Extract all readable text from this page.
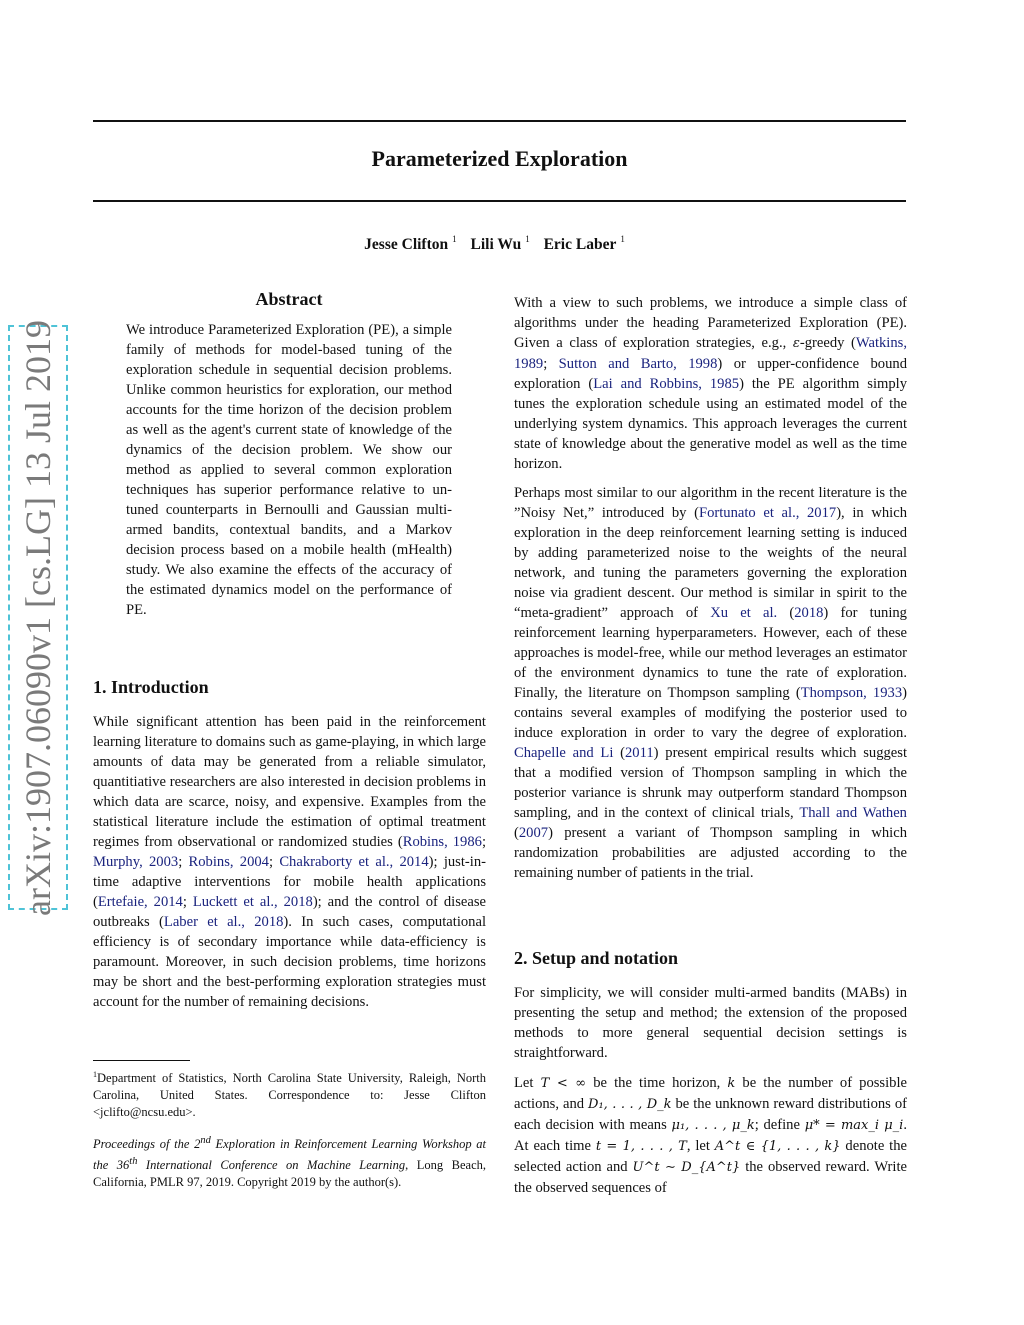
Parameterized Exploration
Jesse Clifton $^1$ Lili Wu $^1$ Eric Laber $^1$
arXiv:1907.06090v1 [cs.LG] 13 Jul 2019
Abstract

We introduce Parameterized Exploration (PE), a simple family of methods for model-based tuning of the exploration schedule in sequential decision problems. Unlike common heuristics for exploration, our method accounts for the time horizon of the decision problem as well as the agent's current state of knowledge of the dynamics of the decision problem. We show our method as applied to several common exploration techniques has superior performance relative to un-tuned counterparts in Bernoulli and Gaussian multi-armed bandits, contextual bandits, and a Markov decision process based on a mobile health (mHealth) study. We also examine the effects of the accuracy of the estimated dynamics model on the performance of PE.

1. Introduction

While significant attention has been paid in the reinforcement learning literature to domains such as game-playing, in which large amounts of data may be generated from a reliable simulator, quantitiative researchers are also interested in decision problems in which data are scarce, noisy, and expensive. Examples from the statistical literature include the estimation of optimal treatment regimes from observational or randomized studies (Robins, 1986; Murphy, 2003; Robins, 2004; Chakraborty et al., 2014); just-in-time adaptive interventions for mobile health applications (Ertefaie, 2014; Luckett et al., 2018); and the control of disease outbreaks (Laber et al., 2018). In such cases, computational efficiency is of secondary importance while data-efficiency is paramount. Moreover, in such decision problems, time horizons may be short and the best-performing exploration strategies must account for the number of remaining decisions.

$^1$Department of Statistics, North Carolina State University, Raleigh, North Carolina, United States. Correspondence to: Jesse Clifton <jclifto@ncsu.edu>.

Proceedings of the 2nd Exploration in Reinforcement Learning Workshop at the 36th International Conference on Machine Learning, Long Beach, California, PMLR 97, 2019. Copyright 2019 by the author(s).

With a view to such problems, we introduce a simple class of algorithms under the heading Parameterized Exploration (PE). Given a class of exploration strategies, e.g., ε-greedy (Watkins, 1989; Sutton and Barto, 1998) or upper-confidence bound exploration (Lai and Robbins, 1985) the PE algorithm simply tunes the exploration schedule using an estimated model of the underlying system dynamics. This approach leverages the current state of knowledge about the generative model as well as the time horizon.

Perhaps most similar to our algorithm in the recent literature is the ”Noisy Net,” introduced by (Fortunato et al., 2017), in which exploration in the deep reinforcement learning setting is induced by adding parameterized noise to the weights of the neural network, and tuning the parameters governing the exploration noise via gradient descent. Our method is similar in spirit to the “meta-gradient” approach of Xu et al. (2018) for tuning reinforcement learning hyperparameters. However, each of these approaches is model-free, while our method leverages an estimator of the environment dynamics to tune the rate of exploration. Finally, the literature on Thompson sampling (Thompson, 1933) contains several examples of modifying the posterior used to induce exploration in order to vary the degree of exploration. Chapelle and Li (2011) present empirical results which suggest that a modified version of Thompson sampling in which the posterior variance is shrunk may outperform standard Thompson sampling, and in the context of clinical trials, Thall and Wathen (2007) present a variant of Thompson sampling in which randomization probabilities are adjusted according to the remaining number of patients in the trial.

2. Setup and notation

For simplicity, we will consider multi-armed bandits (MABs) in presenting the setup and method; the extension of the proposed methods to more general sequential decision settings is straightforward.

Let T < ∞ be the time horizon, k be the number of possible actions, and D₁, . . . , D_k be the unknown reward distributions of each decision with means μ₁, . . . , μ_k; define μ* = max_i μ_i. At each time t = 1, . . . , T, let A^t ∈ {1, . . . , k} denote the selected action and U^t ∼ D_{A^t} the observed reward. Write the observed sequences of
